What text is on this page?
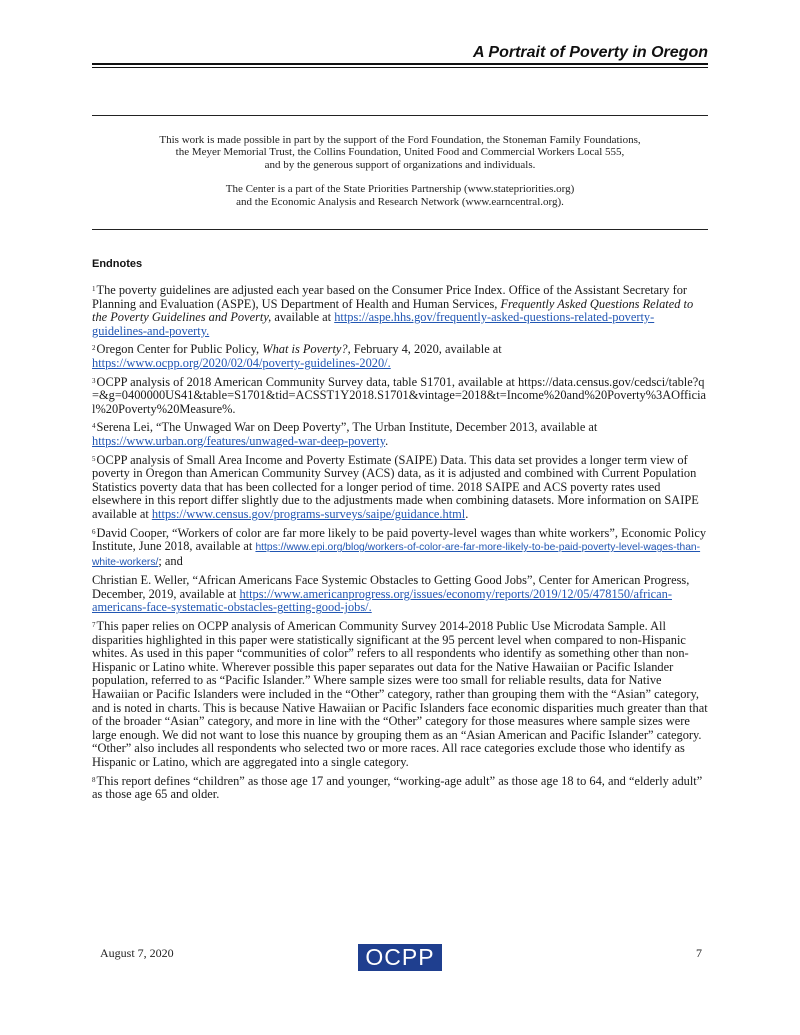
A Portrait of Poverty in Oregon

This work is made possible in part by the support of the Ford Foundation, the Stoneman Family Foundations,

the Meyer Memorial Trust, the Collins Foundation, United Food and Commercial Workers Local 555,

and by the generous support of organizations and individuals.

The Center is a part of the State Priorities Partnership (www.statepriorities.org)

and the Economic Analysis and Research Network (www.earncentral.org).

Endnotes

$^1$The poverty guidelines are adjusted each year based on the Consumer Price Index. Office of the Assistant Secretary for Planning and Evaluation (ASPE), US Department of Health and Human Services, Frequently Asked Questions Related to the Poverty Guidelines and Poverty, available at https://aspe.hhs.gov/frequently-asked-questions-related-poverty-guidelines-and-poverty.

$^2$Oregon Center for Public Policy, What is Poverty?, February 4, 2020, available at https://www.ocpp.org/2020/02/04/poverty-guidelines-2020/.

$^3$OCPP analysis of 2018 American Community Survey data, table S1701, available at https://data.census.gov/cedsci/table?q=&g=0400000US41&table=S1701&tid=ACSST1Y2018.S1701&vintage=2018&t=Income%20and%20Poverty%3AOfficial%20Poverty%20Measure%.

$^4$Serena Lei, “The Unwaged War on Deep Poverty”, The Urban Institute, December 2013, available at https://www.urban.org/features/unwaged-war-deep-poverty.

$^5$OCPP analysis of Small Area Income and Poverty Estimate (SAIPE) Data. This data set provides a longer term view of poverty in Oregon than American Community Survey (ACS) data, as it is adjusted and combined with Current Population Statistics poverty data that has been collected for a longer period of time. 2018 SAIPE and ACS poverty rates used elsewhere in this report differ slightly due to the adjustments made when combining datasets. More information on SAIPE available at https://www.census.gov/programs-surveys/saipe/guidance.html.

$^6$David Cooper, “Workers of color are far more likely to be paid poverty-level wages than white workers”, Economic Policy Institute, June 2018, available at https://www.epi.org/blog/workers-of-color-are-far-more-likely-to-be-paid-poverty-level-wages-than-white-workers/; and

Christian E. Weller, “African Americans Face Systemic Obstacles to Getting Good Jobs”, Center for American Progress, December, 2019, available at https://www.americanprogress.org/issues/economy/reports/2019/12/05/478150/african-americans-face-systematic-obstacles-getting-good-jobs/.

$^7$This paper relies on OCPP analysis of American Community Survey 2014-2018 Public Use Microdata Sample. All disparities highlighted in this paper were statistically significant at the 95 percent level when compared to non-Hispanic whites. As used in this paper “communities of color” refers to all respondents who identify as something other than non-Hispanic or Latino white. Wherever possible this paper separates out data for the Native Hawaiian or Pacific Islander population, referred to as “Pacific Islander.” Where sample sizes were too small for reliable results, data for Native Hawaiian or Pacific Islanders were included in the “Other” category, rather than grouping them with the “Asian” category, and is noted in charts. This is because Native Hawaiian or Pacific Islanders face economic disparities much greater than that of the broader “Asian” category, and more in line with the “Other” category for those measures where sample sizes were large enough. We did not want to lose this nuance by grouping them as an “Asian American and Pacific Islander” category. “Other” also includes all respondents who selected two or more races. All race categories exclude those who identify as Hispanic or Latino, which are aggregated into a single category.

$^8$This report defines “children” as those age 17 and younger, “working-age adult” as those age 18 to 64, and “elderly adult” as those age 65 and older.

August 7, 2020	OCPP	7
